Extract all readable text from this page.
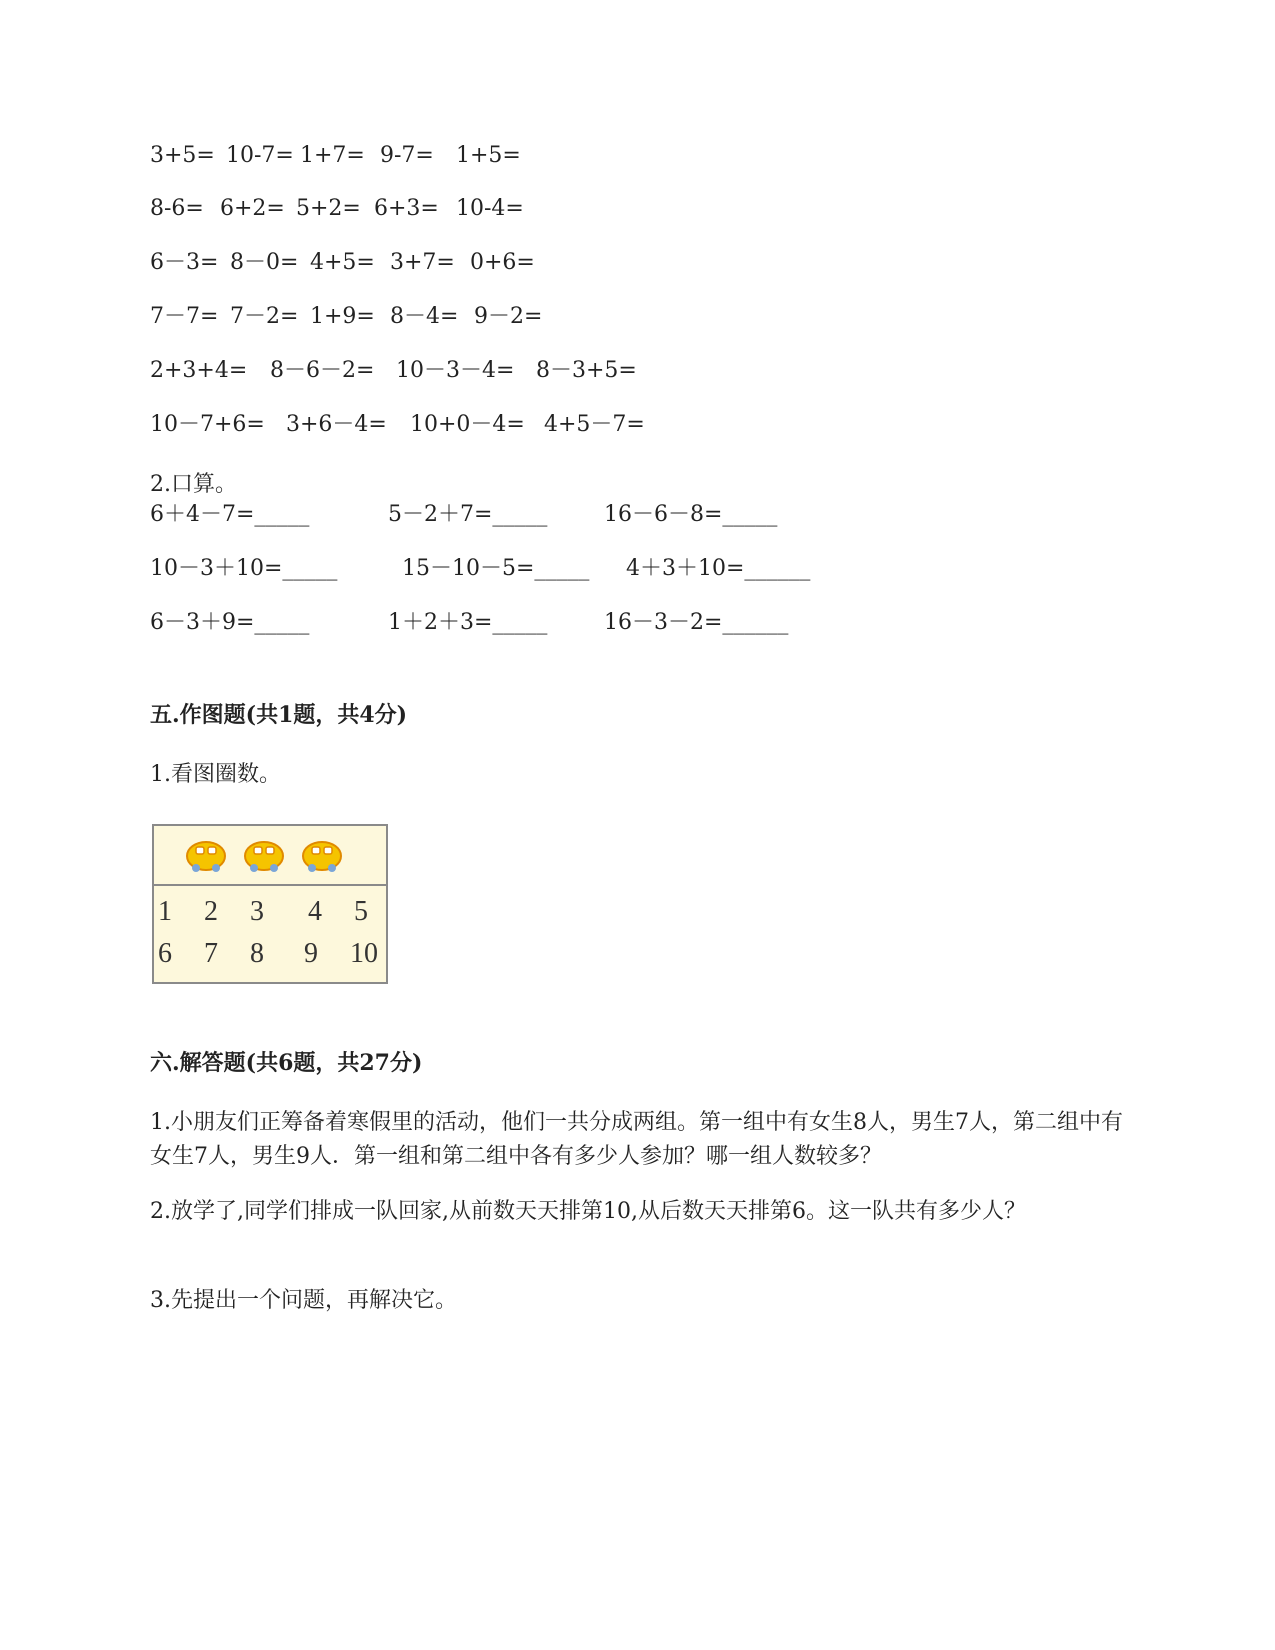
3+5= 10-7= 1+7= 9-7= 1+5=
8-6= 6+2= 5+2= 6+3= 10-4=
6－3= 8－0= 4+5= 3+7= 0+6=
7－7= 7－2= 1+9= 8－4= 9－2=
2+3+4= 8－6－2= 10－3－4= 8－3+5=
10－7+6= 3+6－4= 10+0－4= 4+5－7=
2.口算。
6＋4－7=_____	5－2＋7=_____	16－6－8=_____
10－3＋10=_____	15－10－5=_____ 4＋3＋10=______
6－3＋9=_____	1＋2＋3=_____	16－3－2=______
五.作图题(共1题，共4分)
1.看图圈数。
1 2 3 4 5
6 7 8 9 10
六.解答题(共6题，共27分)
1.小朋友们正筹备着寒假里的活动，他们一共分成两组。第一组中有女生8人，男生7人，第二组中有女生7人，男生9人．第一组和第二组中各有多少人参加？哪一组人数较多？
2.放学了,同学们排成一队回家,从前数天天排第10,从后数天天排第6。这一队共有多少人？
3.先提出一个问题，再解决它。
